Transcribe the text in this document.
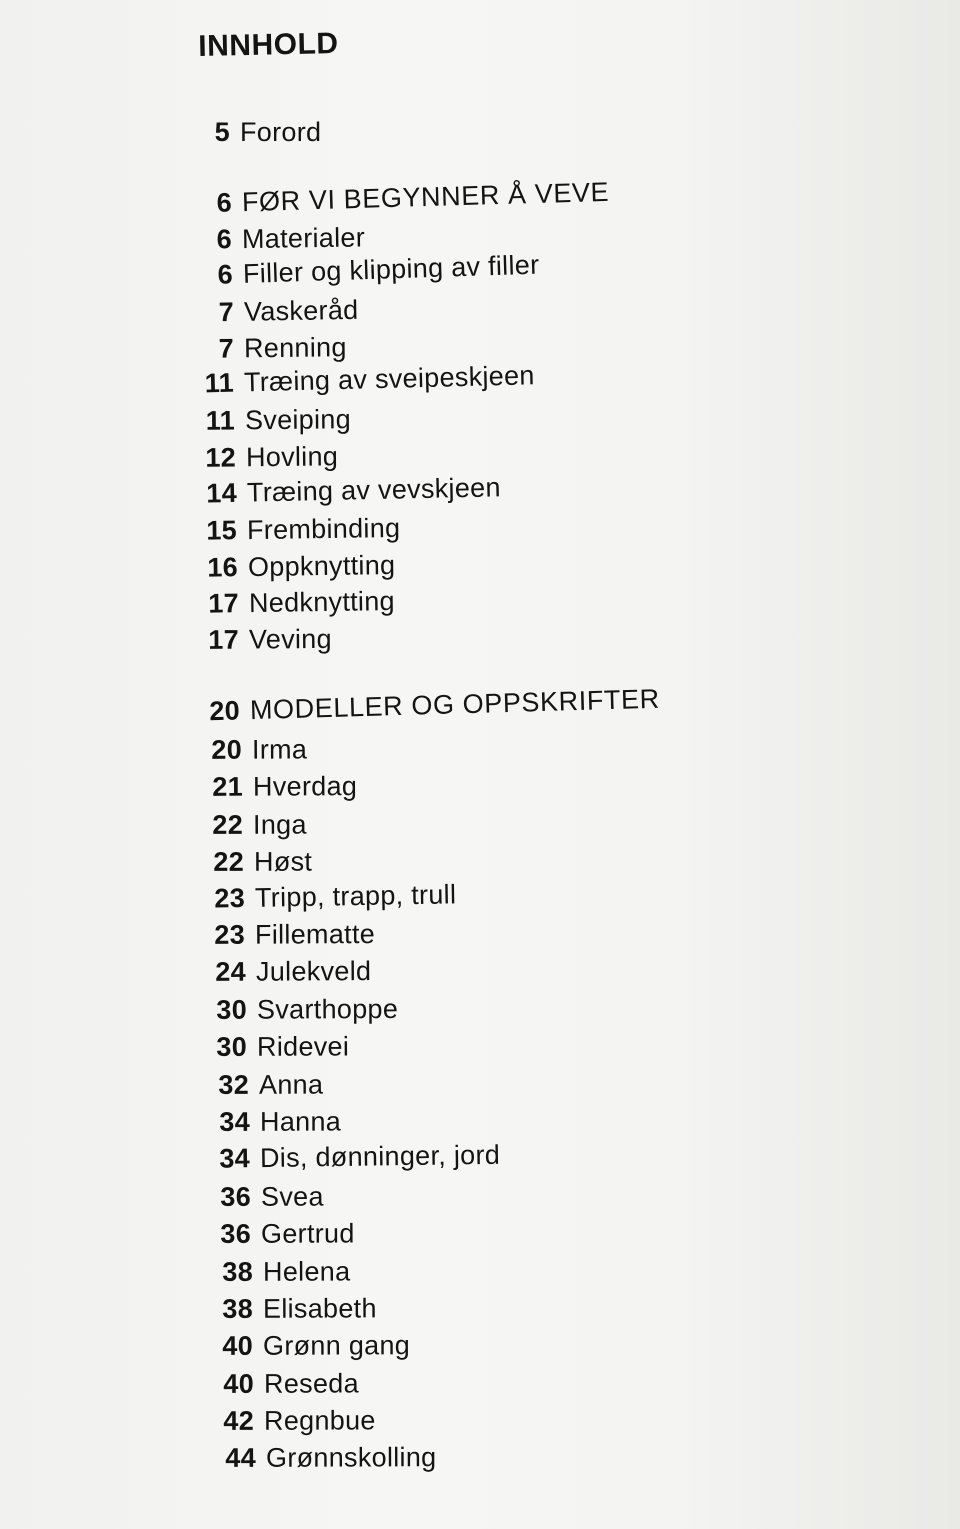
INNHOLD
5 Forord
6 FØR VI BEGYNNER Å VEVE
6 Materialer
6 Filler og klipping av filler
7 Vaskeråd
7 Renning
11 Træing av sveipeskjeen
11 Sveiping
12 Hovling
14 Træing av vevskjeen
15 Frembinding
16 Oppknytting
17 Nedknytting
17 Veving
20 MODELLER OG OPPSKRIFTER
20 Irma
21 Hverdag
22 Inga
22 Høst
23 Tripp, trapp, trull
23 Fillematte
24 Julekveld
30 Svarthoppe
30 Ridevei
32 Anna
34 Hanna
34 Dis, dønninger, jord
36 Svea
36 Gertrud
38 Helena
38 Elisabeth
40 Grønn gang
40 Reseda
42 Regnbue
44 Grønnskolling
